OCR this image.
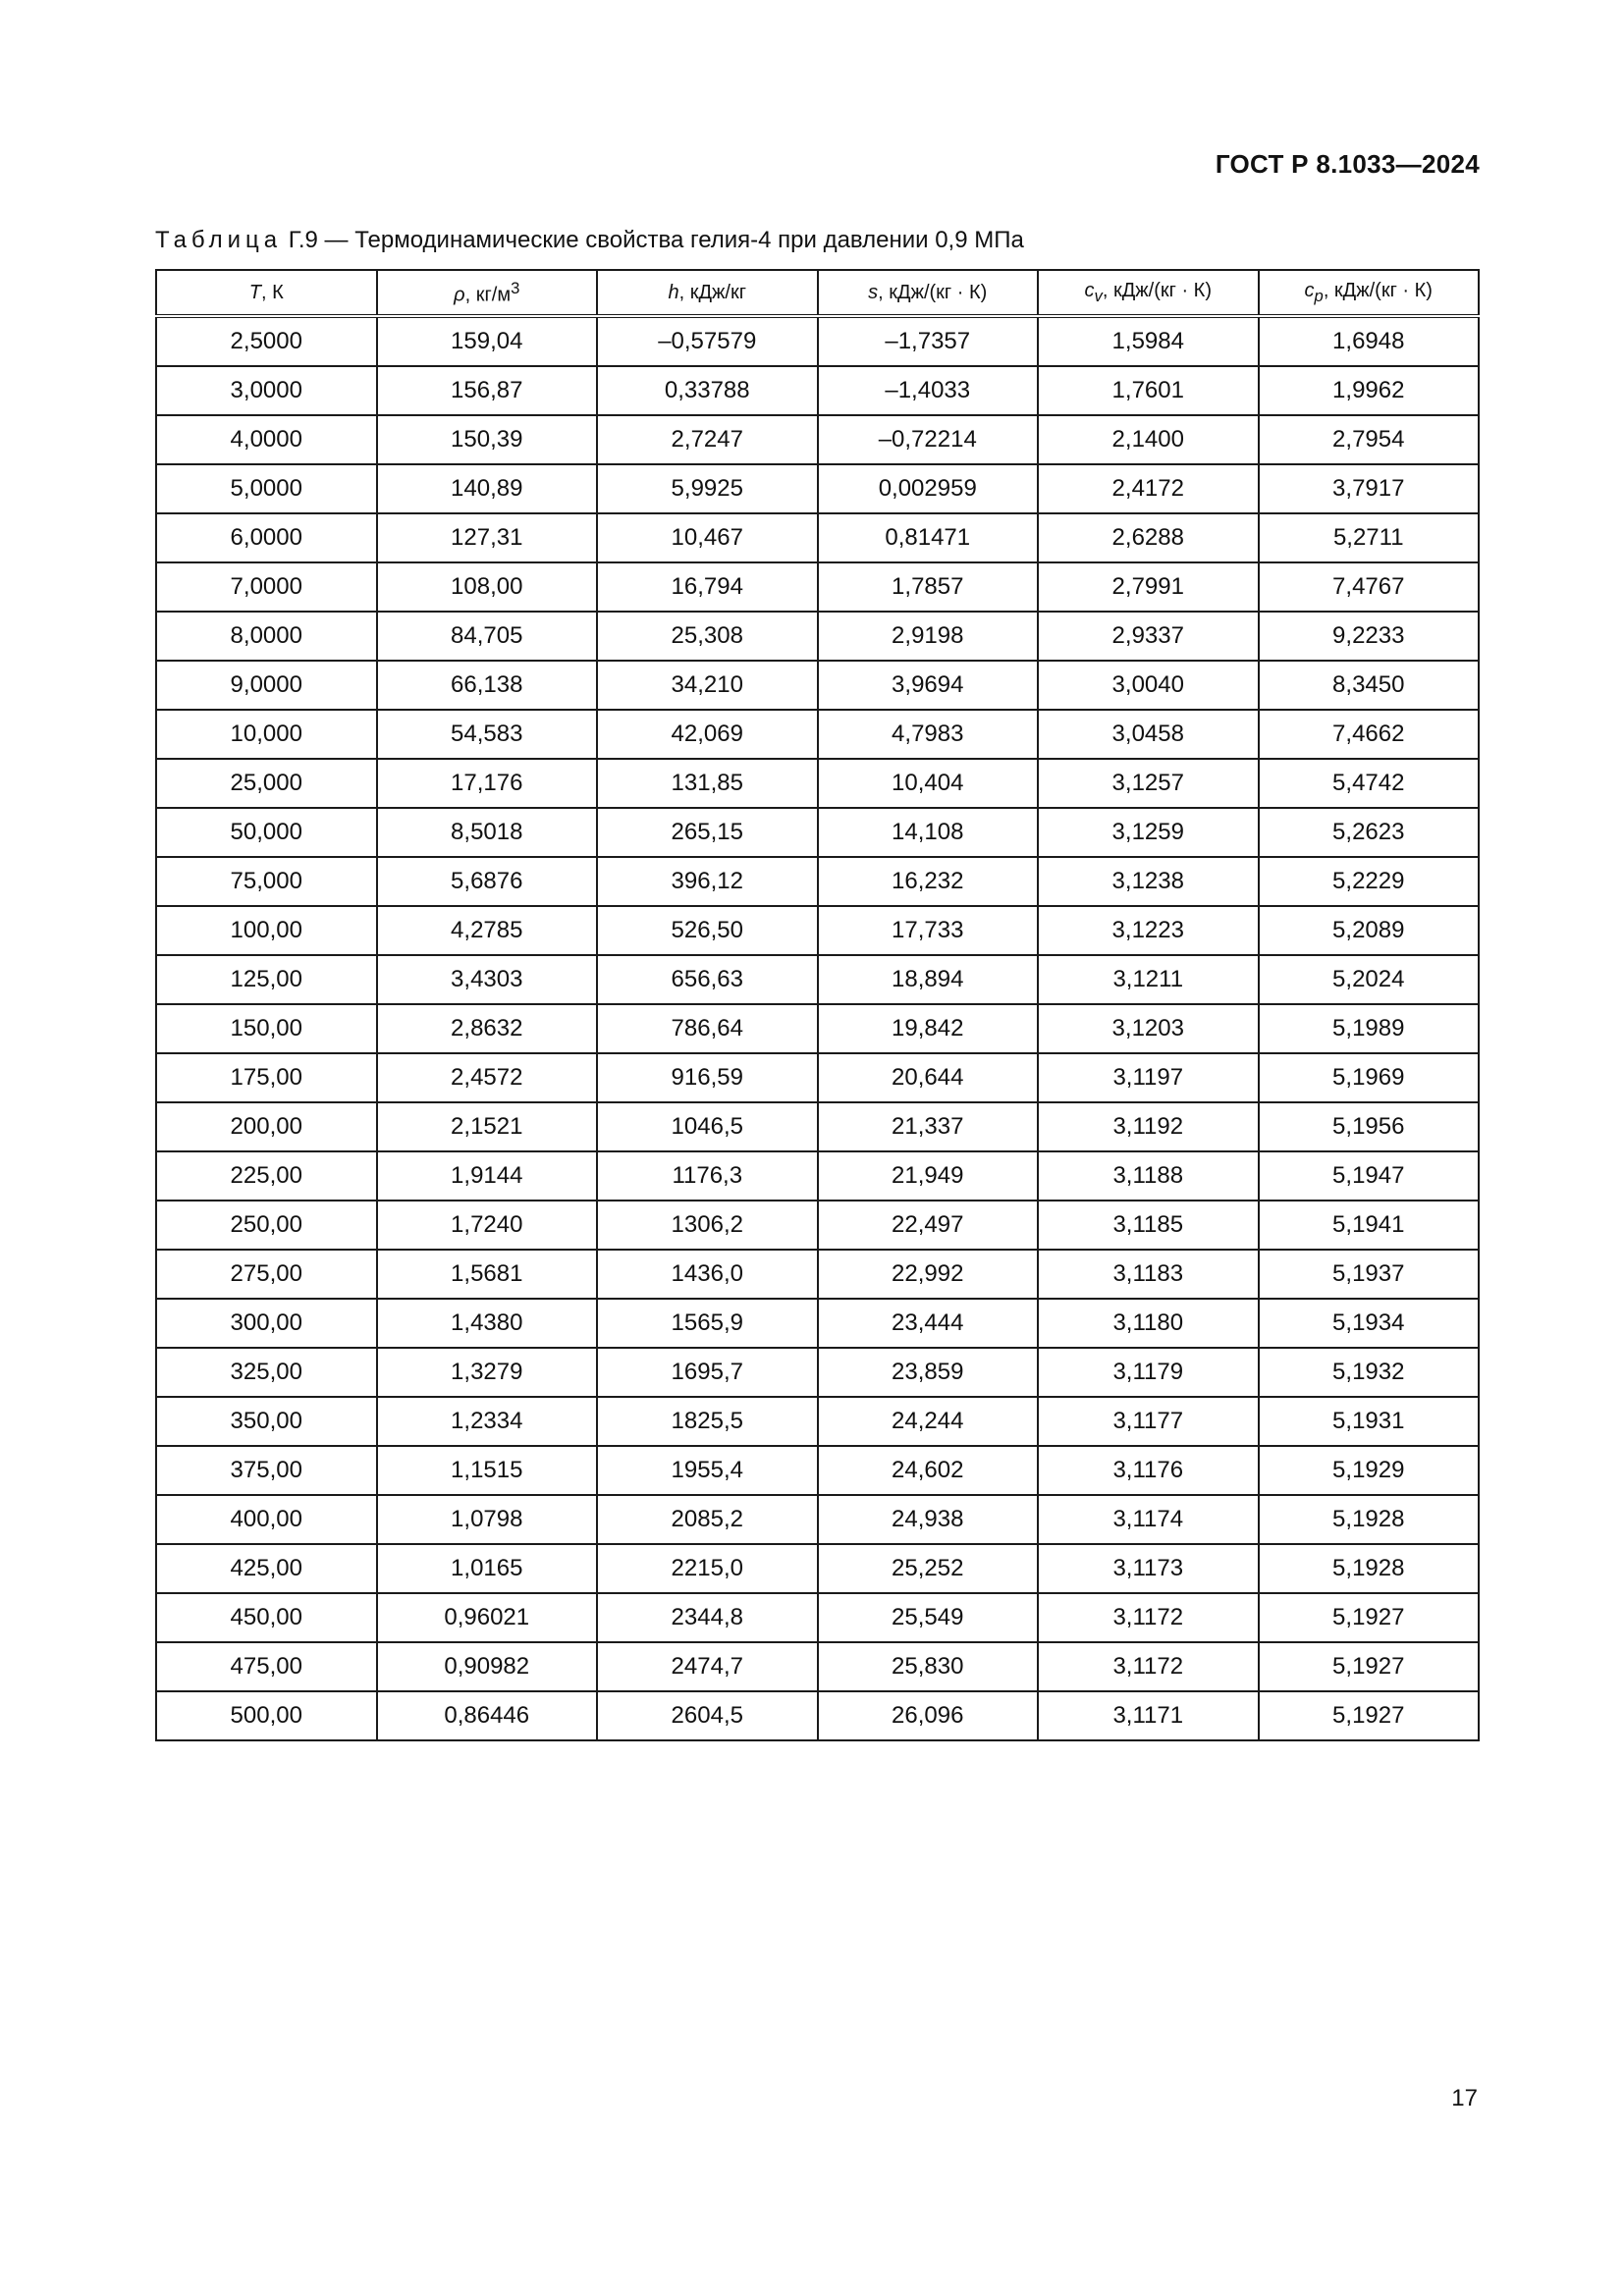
ГОСТ Р 8.1033—2024
Таблица Г.9 — Термодинамические свойства гелия-4 при давлении 0,9 МПа
T, К	ρ, $кг/м^3$	h, кДж/кг	s, кДж/(кг · К)	$c_v$, кДж/(кг · К)	$c_p$, кДж/(кг · К)
2,5000	159,04	–0,57579	–1,7357	1,5984	1,6948
3,0000	156,87	0,33788	–1,4033	1,7601	1,9962
4,0000	150,39	2,7247	–0,72214	2,1400	2,7954
5,0000	140,89	5,9925	0,002959	2,4172	3,7917
6,0000	127,31	10,467	0,81471	2,6288	5,2711
7,0000	108,00	16,794	1,7857	2,7991	7,4767
8,0000	84,705	25,308	2,9198	2,9337	9,2233
9,0000	66,138	34,210	3,9694	3,0040	8,3450
10,000	54,583	42,069	4,7983	3,0458	7,4662
25,000	17,176	131,85	10,404	3,1257	5,4742
50,000	8,5018	265,15	14,108	3,1259	5,2623
75,000	5,6876	396,12	16,232	3,1238	5,2229
100,00	4,2785	526,50	17,733	3,1223	5,2089
125,00	3,4303	656,63	18,894	3,1211	5,2024
150,00	2,8632	786,64	19,842	3,1203	5,1989
175,00	2,4572	916,59	20,644	3,1197	5,1969
200,00	2,1521	1046,5	21,337	3,1192	5,1956
225,00	1,9144	1176,3	21,949	3,1188	5,1947
250,00	1,7240	1306,2	22,497	3,1185	5,1941
275,00	1,5681	1436,0	22,992	3,1183	5,1937
300,00	1,4380	1565,9	23,444	3,1180	5,1934
325,00	1,3279	1695,7	23,859	3,1179	5,1932
350,00	1,2334	1825,5	24,244	3,1177	5,1931
375,00	1,1515	1955,4	24,602	3,1176	5,1929
400,00	1,0798	2085,2	24,938	3,1174	5,1928
425,00	1,0165	2215,0	25,252	3,1173	5,1928
450,00	0,96021	2344,8	25,549	3,1172	5,1927
475,00	0,90982	2474,7	25,830	3,1172	5,1927
500,00	0,86446	2604,5	26,096	3,1171	5,1927
17
